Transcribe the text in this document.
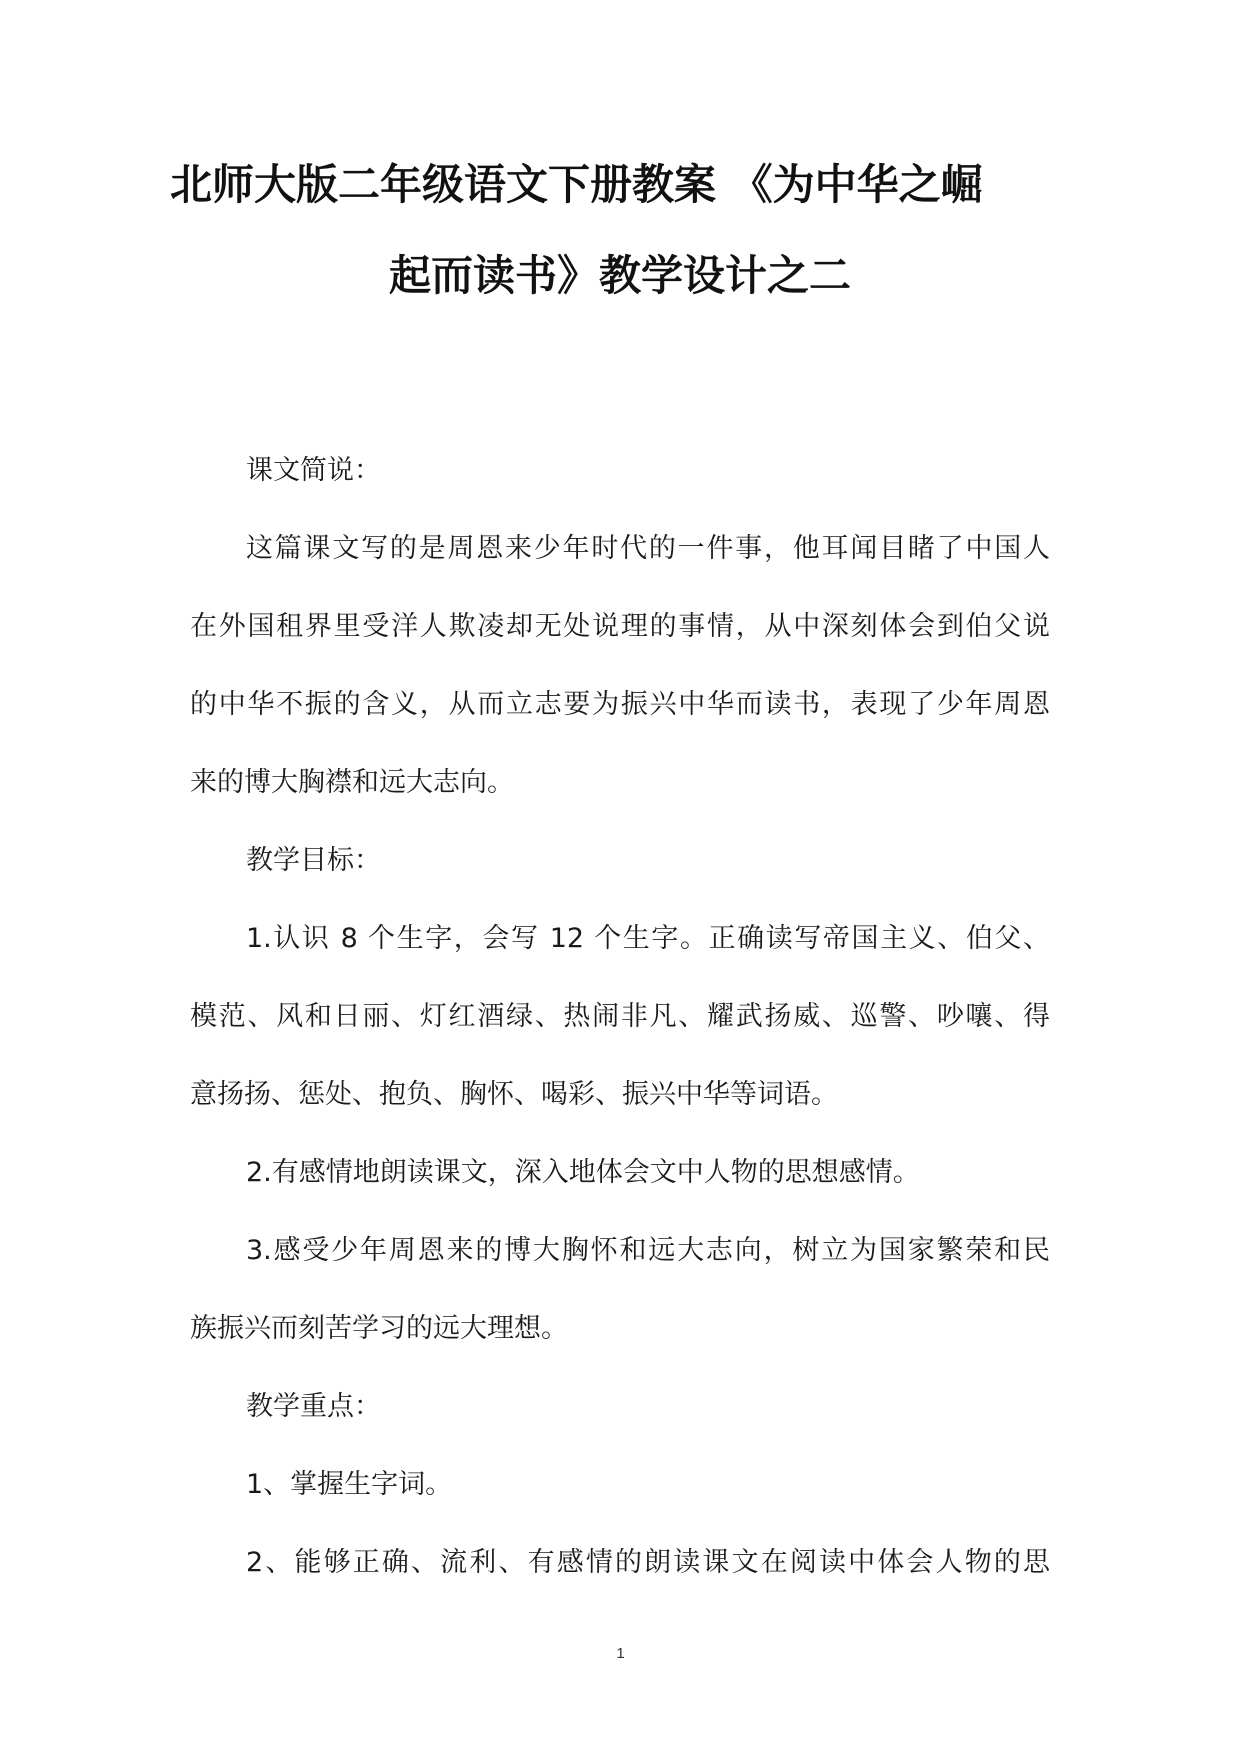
北师大版二年级语文下册教案 《为中华之崛
起而读书》教学设计之二
课文简说：
这篇课文写的是周恩来少年时代的一件事，他耳闻目睹了中国人
在外国租界里受洋人欺凌却无处说理的事情，从中深刻体会到伯父说
的中华不振的含义，从而立志要为振兴中华而读书，表现了少年周恩
来的博大胸襟和远大志向。
教学目标：
1.认识 8 个生字，会写 12 个生字。正确读写帝国主义、伯父、
模范、风和日丽、灯红酒绿、热闹非凡、耀武扬威、巡警、吵嚷、得
意扬扬、惩处、抱负、胸怀、喝彩、振兴中华等词语。
2.有感情地朗读课文，深入地体会文中人物的思想感情。
3.感受少年周恩来的博大胸怀和远大志向，树立为国家繁荣和民
族振兴而刻苦学习的远大理想。
教学重点：
1、掌握生字词。
2、能够正确、流利、有感情的朗读课文在阅读中体会人物的思
1
